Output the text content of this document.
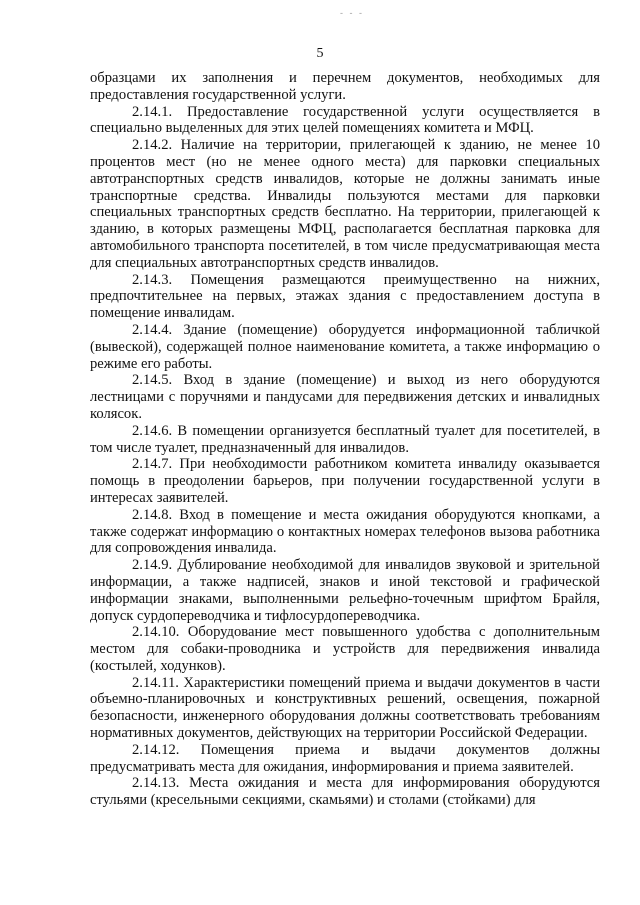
- - -
5

образцами их заполнения и перечнем документов, необходимых для предоставления государственной услуги.

2.14.1. Предоставление государственной услуги осуществляется в специально выделенных для этих целей помещениях комитета и МФЦ.

2.14.2. Наличие на территории, прилегающей к зданию, не менее 10 процентов мест (но не менее одного места) для парковки специальных автотранспортных средств инвалидов, которые не должны занимать иные транспортные средства. Инвалиды пользуются местами для парковки специальных транспортных средств бесплатно. На территории, прилегающей к зданию, в которых размещены МФЦ, располагается бесплатная парковка для автомобильного транспорта посетителей, в том числе предусматривающая места для специальных автотранспортных средств инвалидов.

2.14.3. Помещения размещаются преимущественно на нижних, предпочтительнее на первых, этажах здания с предоставлением доступа в помещение инвалидам.

2.14.4. Здание (помещение) оборудуется информационной табличкой (вывеской), содержащей полное наименование комитета, а также информацию о режиме его работы.

2.14.5. Вход в здание (помещение) и выход из него оборудуются лестницами с поручнями и пандусами для передвижения детских и инвалидных колясок.

2.14.6. В помещении организуется бесплатный туалет для посетителей, в том числе туалет, предназначенный для инвалидов.

2.14.7. При необходимости работником комитета инвалиду оказывается помощь в преодолении барьеров, при получении государственной услуги в интересах заявителей.

2.14.8. Вход в помещение и места ожидания оборудуются кнопками, а также содержат информацию о контактных номерах телефонов вызова работника для сопровождения инвалида.

2.14.9. Дублирование необходимой для инвалидов звуковой и зрительной информации, а также надписей, знаков и иной текстовой и графической информации знаками, выполненными рельефно-точечным шрифтом Брайля, допуск сурдопереводчика и тифлосурдопереводчика.

2.14.10. Оборудование мест повышенного удобства с дополнительным местом для собаки-проводника и устройств для передвижения инвалида (костылей, ходунков).

2.14.11. Характеристики помещений приема и выдачи документов в части объемно-планировочных и конструктивных решений, освещения, пожарной безопасности, инженерного оборудования должны соответствовать требованиям нормативных документов, действующих на территории Российской Федерации.

2.14.12. Помещения приема и выдачи документов должны предусматривать места для ожидания, информирования и приема заявителей.

2.14.13. Места ожидания и места для информирования оборудуются стульями (кресельными секциями, скамьями) и столами (стойками) для
